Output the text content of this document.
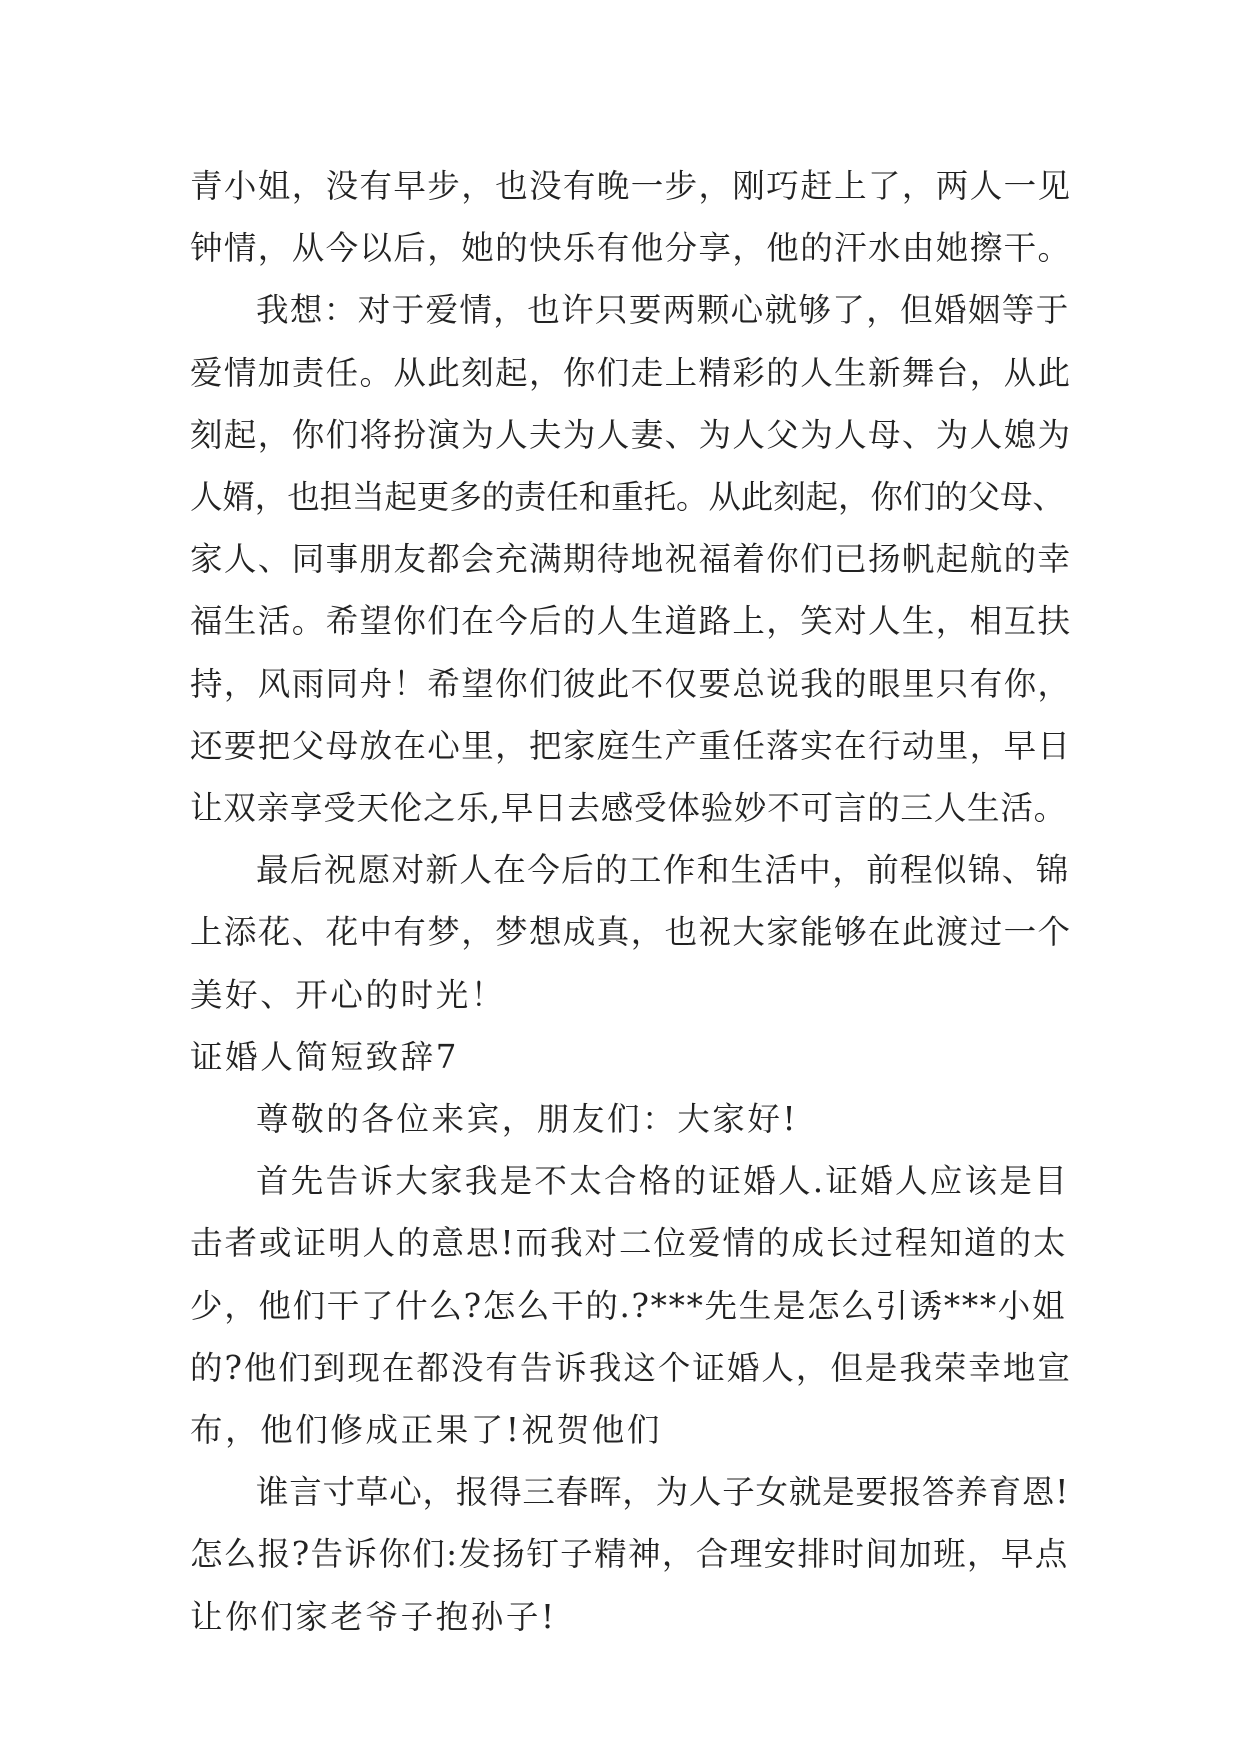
青小姐，没有早步，也没有晚一步，刚巧赶上了，两人一见
钟情，从今以后，她的快乐有他分享，他的汗水由她擦干。
我想：对于爱情，也许只要两颗心就够了，但婚姻等于
爱情加责任。从此刻起，你们走上精彩的人生新舞台，从此
刻起，你们将扮演为人夫为人妻、为人父为人母、为人媳为
人婿，也担当起更多的责任和重托。从此刻起，你们的父母、
家人、同事朋友都会充满期待地祝福着你们已扬帆起航的幸
福生活。希望你们在今后的人生道路上，笑对人生，相互扶
持，风雨同舟！希望你们彼此不仅要总说我的眼里只有你，
还要把父母放在心里，把家庭生产重任落实在行动里，早日
让双亲享受天伦之乐,早日去感受体验妙不可言的三人生活。
最后祝愿对新人在今后的工作和生活中，前程似锦、锦
上添花、花中有梦，梦想成真，也祝大家能够在此渡过一个
美好、开心的时光！
证婚人简短致辞7
尊敬的各位来宾，朋友们：大家好!
首先告诉大家我是不太合格的证婚人.证婚人应该是目
击者或证明人的意思!而我对二位爱情的成长过程知道的太
少，他们干了什么?怎么干的.?***先生是怎么引诱***小姐
的?他们到现在都没有告诉我这个证婚人，但是我荣幸地宣
布，他们修成正果了!祝贺他们
谁言寸草心，报得三春晖，为人子女就是要报答养育恩!
怎么报?告诉你们:发扬钉子精神，合理安排时间加班，早点
让你们家老爷子抱孙子!
